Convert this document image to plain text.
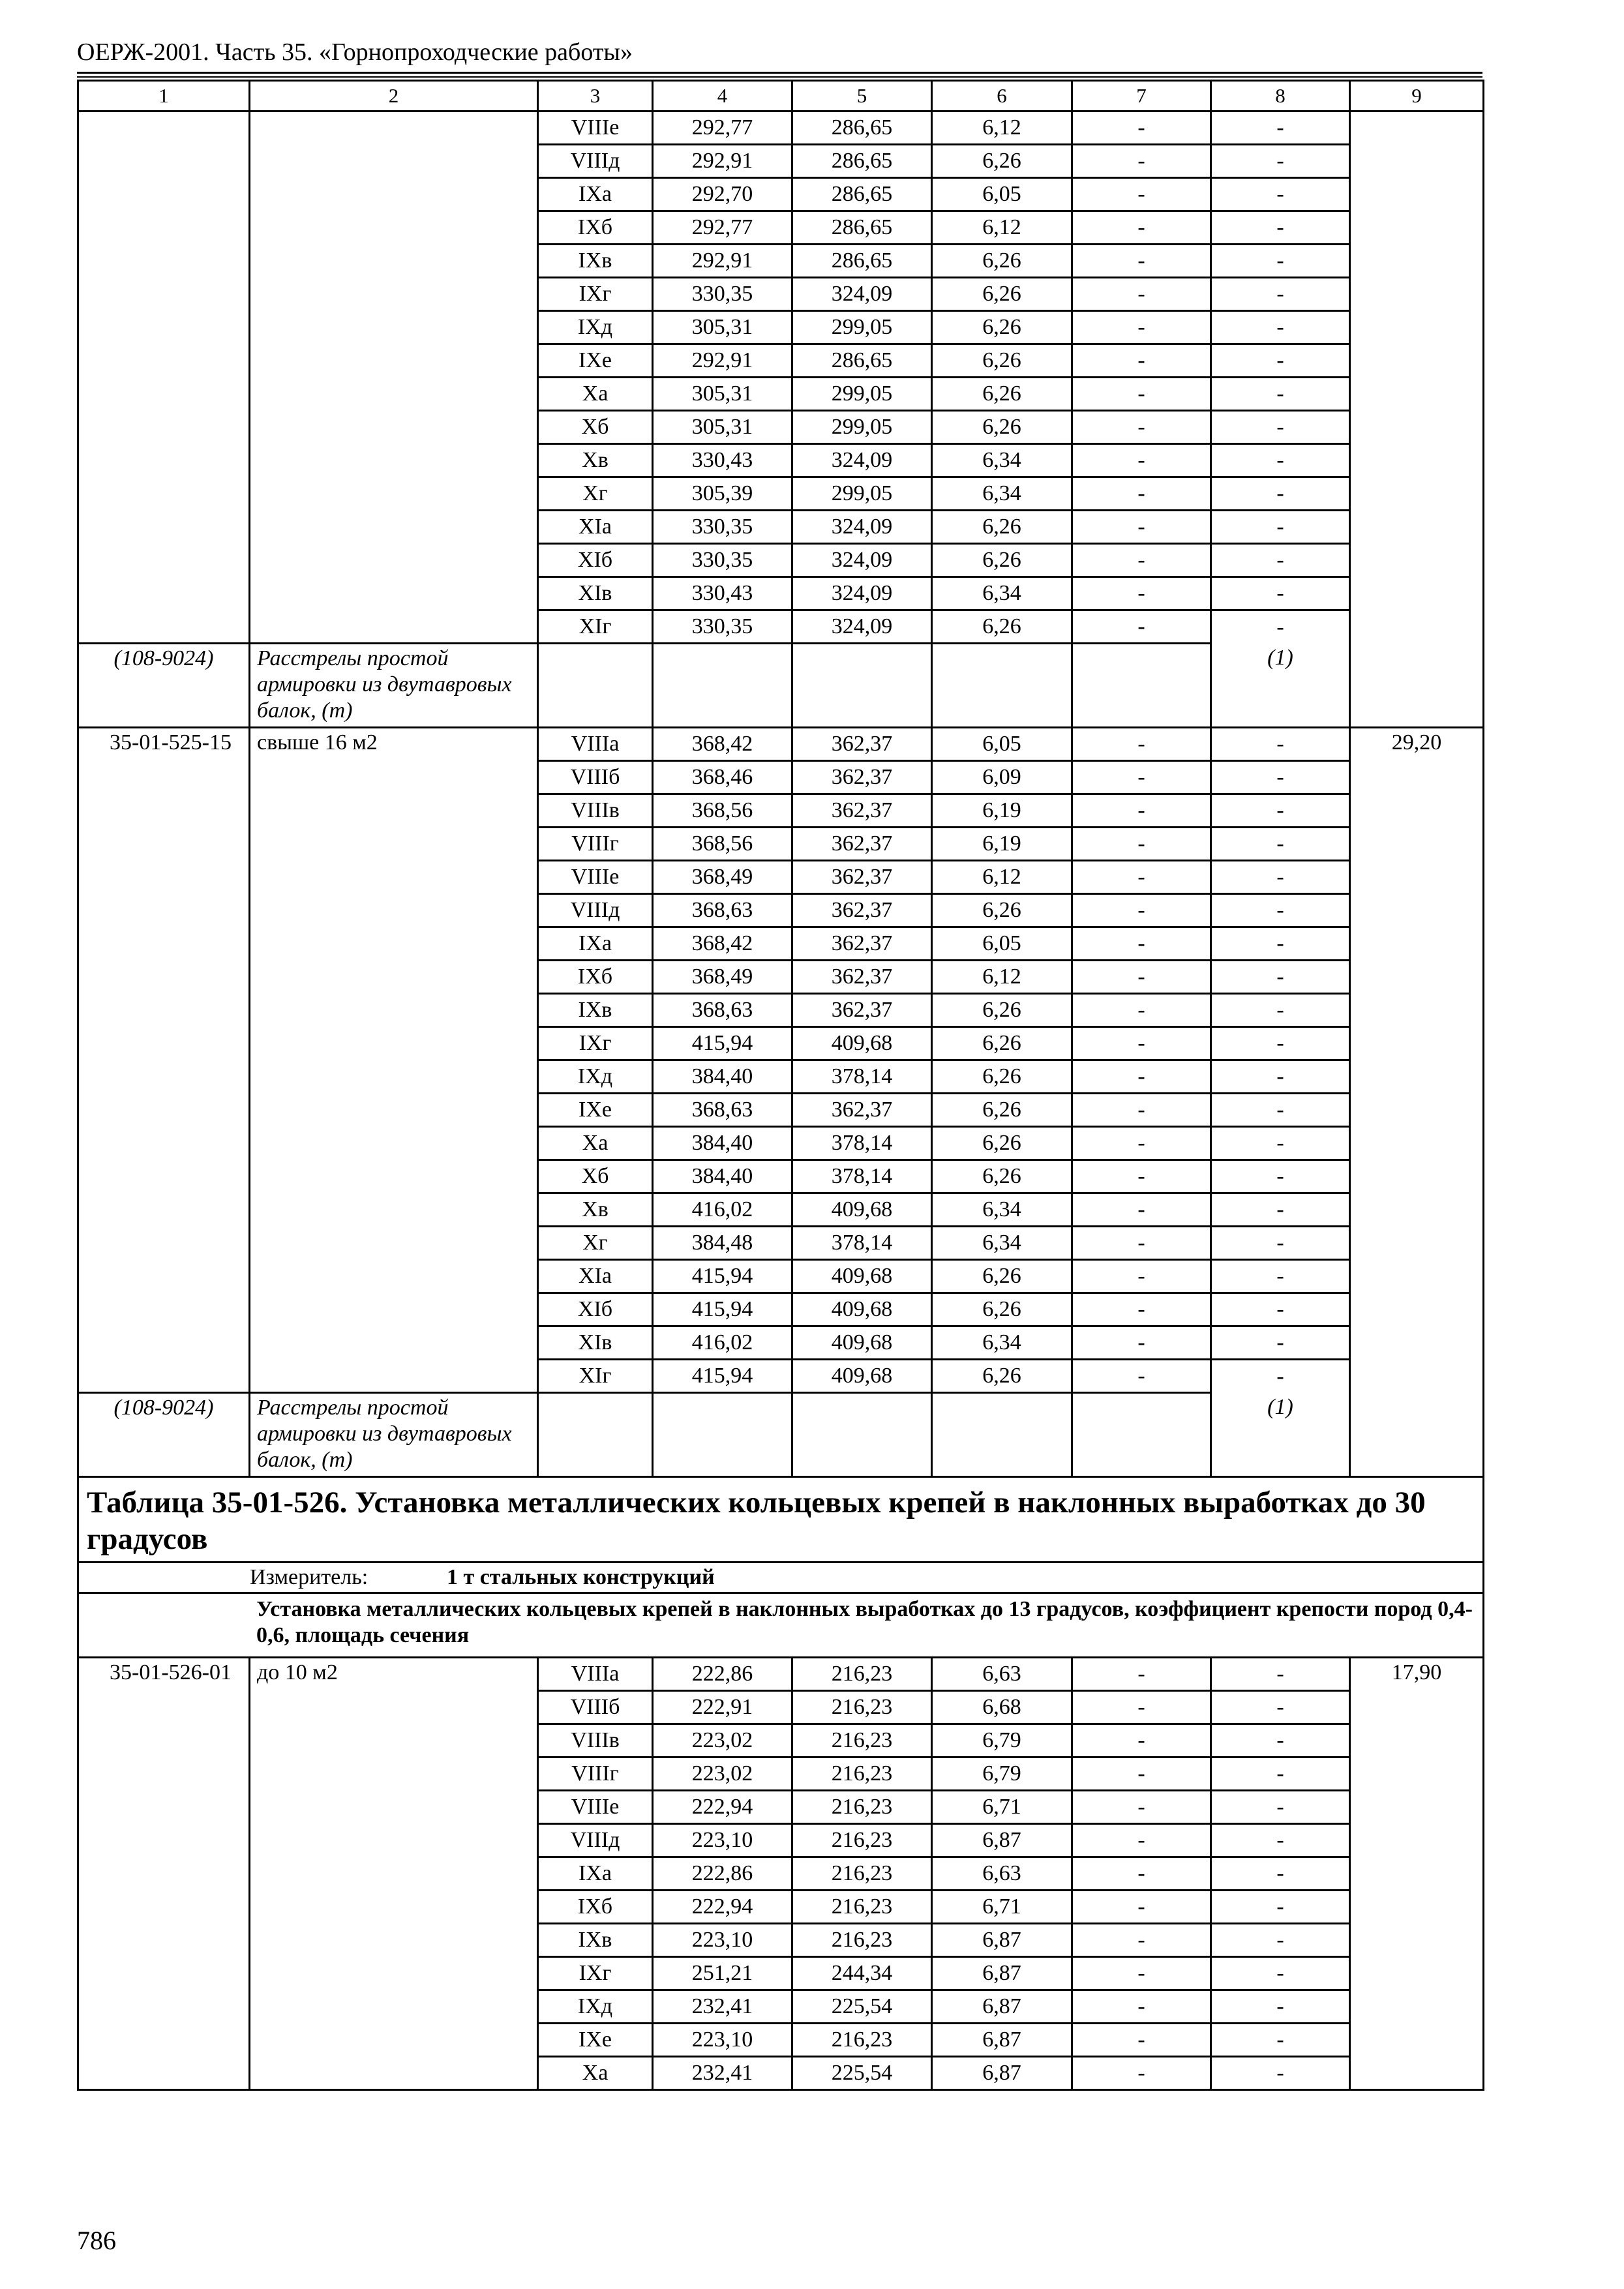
ОЕРЖ-2001. Часть 35. «Горнопроходческие работы»
1	2	3	4	5	6	7	8	9
		VIIIе	292,77	286,65	6,12	-	-	
		VIIIд	292,91	286,65	6,26	-	-	
		IXа	292,70	286,65	6,05	-	-	
		IXб	292,77	286,65	6,12	-	-	
		IXв	292,91	286,65	6,26	-	-	
		IXг	330,35	324,09	6,26	-	-	
		IXд	305,31	299,05	6,26	-	-	
		IXе	292,91	286,65	6,26	-	-	
		Xа	305,31	299,05	6,26	-	-	
		Xб	305,31	299,05	6,26	-	-	
		Xв	330,43	324,09	6,34	-	-	
		Xг	305,39	299,05	6,34	-	-	
		XIа	330,35	324,09	6,26	-	-	
		XIб	330,35	324,09	6,26	-	-	
		XIв	330,43	324,09	6,34	-	-	
		XIг	330,35	324,09	6,26	-	-	
(108-9024)	Расстрелы простой армировки из двутавровых балок, (т)						(1)	
35-01-525-15	свыше 16 м2	VIIIа	368,42	362,37	6,05	-	-	29,20
		VIIIб	368,46	362,37	6,09	-	-	
		VIIIв	368,56	362,37	6,19	-	-	
		VIIIг	368,56	362,37	6,19	-	-	
		VIIIе	368,49	362,37	6,12	-	-	
		VIIIд	368,63	362,37	6,26	-	-	
		IXа	368,42	362,37	6,05	-	-	
		IXб	368,49	362,37	6,12	-	-	
		IXв	368,63	362,37	6,26	-	-	
		IXг	415,94	409,68	6,26	-	-	
		IXд	384,40	378,14	6,26	-	-	
		IXе	368,63	362,37	6,26	-	-	
		Xа	384,40	378,14	6,26	-	-	
		Xб	384,40	378,14	6,26	-	-	
		Xв	416,02	409,68	6,34	-	-	
		Xг	384,48	378,14	6,34	-	-	
		XIа	415,94	409,68	6,26	-	-	
		XIб	415,94	409,68	6,26	-	-	
		XIв	416,02	409,68	6,34	-	-	
		XIг	415,94	409,68	6,26	-	-	
(108-9024)	Расстрелы простой армировки из двутавровых балок, (т)						(1)	
Таблица 35-01-526. Установка металлических кольцевых крепей в наклонных выработках до 30 градусов								
Измеритель: 1 т стальных конструкций								
Установка металлических кольцевых крепей в наклонных выработках до 13 градусов, коэффициент крепости пород 0,4-0,6, площадь сечения								
35-01-526-01	до 10 м2	VIIIа	222,86	216,23	6,63	-	-	17,90
		VIIIб	222,91	216,23	6,68	-	-	
		VIIIв	223,02	216,23	6,79	-	-	
		VIIIг	223,02	216,23	6,79	-	-	
		VIIIе	222,94	216,23	6,71	-	-	
		VIIIд	223,10	216,23	6,87	-	-	
		IXа	222,86	216,23	6,63	-	-	
		IXб	222,94	216,23	6,71	-	-	
		IXв	223,10	216,23	6,87	-	-	
		IXг	251,21	244,34	6,87	-	-	
		IXд	232,41	225,54	6,87	-	-	
		IXе	223,10	216,23	6,87	-	-	
		Xа	232,41	225,54	6,87	-	-	
786
